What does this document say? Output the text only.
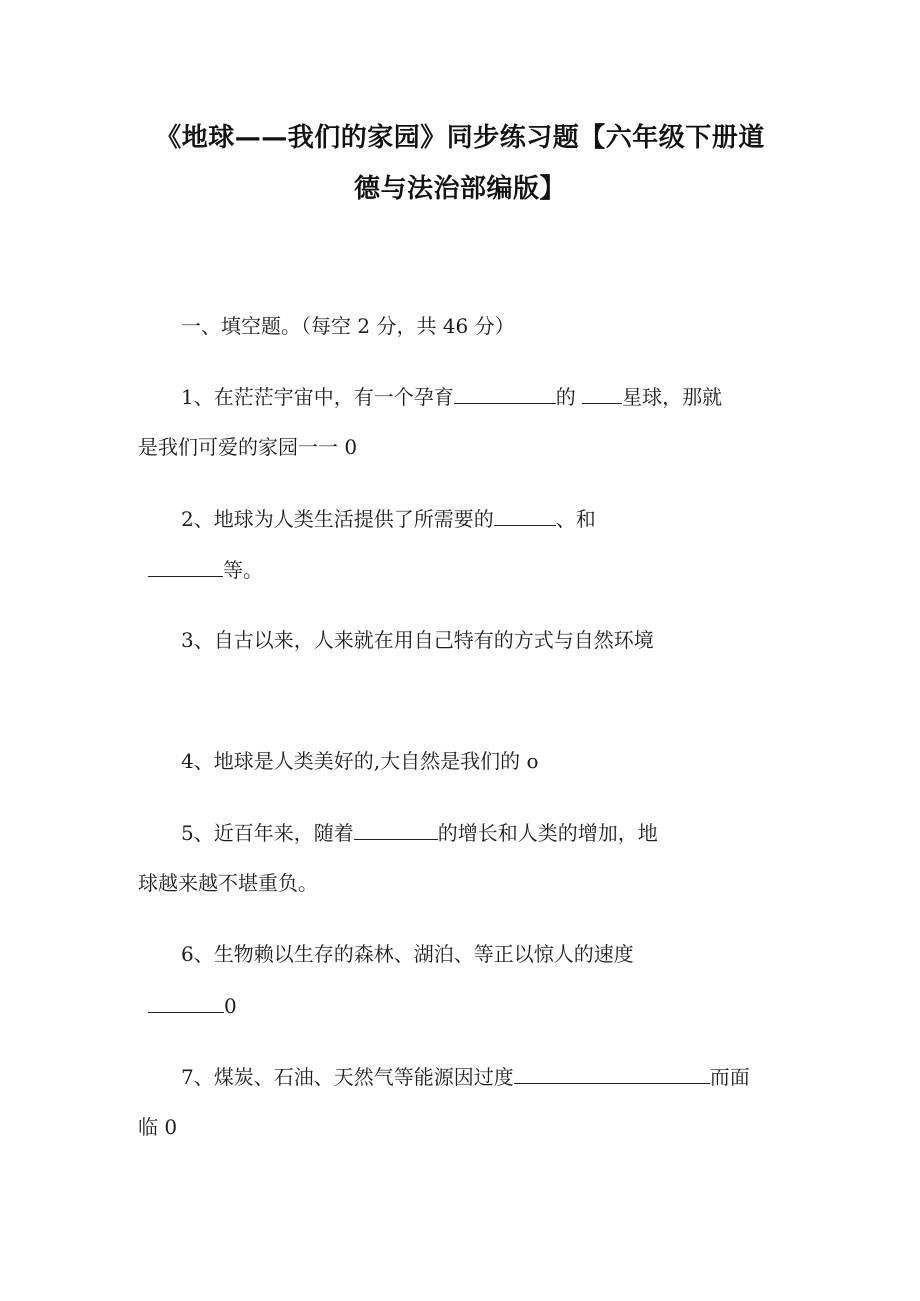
《地球——我们的家园》同步练习题【六年级下册道
德与法治部编版】
一、填空题。（每空 2 分，共 46 分）
1、在茫茫宇宙中，有一个孕育	的 星球，那就
是我们可爱的家园一一 0
2、地球为人类生活提供了所需要的	、和
等。
3、自古以来，人来就在用自己特有的方式与自然环境
4、地球是人类美好的,大自然是我们的 o
5、近百年来，随着	的增长和人类的增加，地
球越来越不堪重负。
6、生物赖以生存的森林、湖泊、等正以惊人的速度
0
7、煤炭、石油、天然气等能源因过度	而面
临 0
